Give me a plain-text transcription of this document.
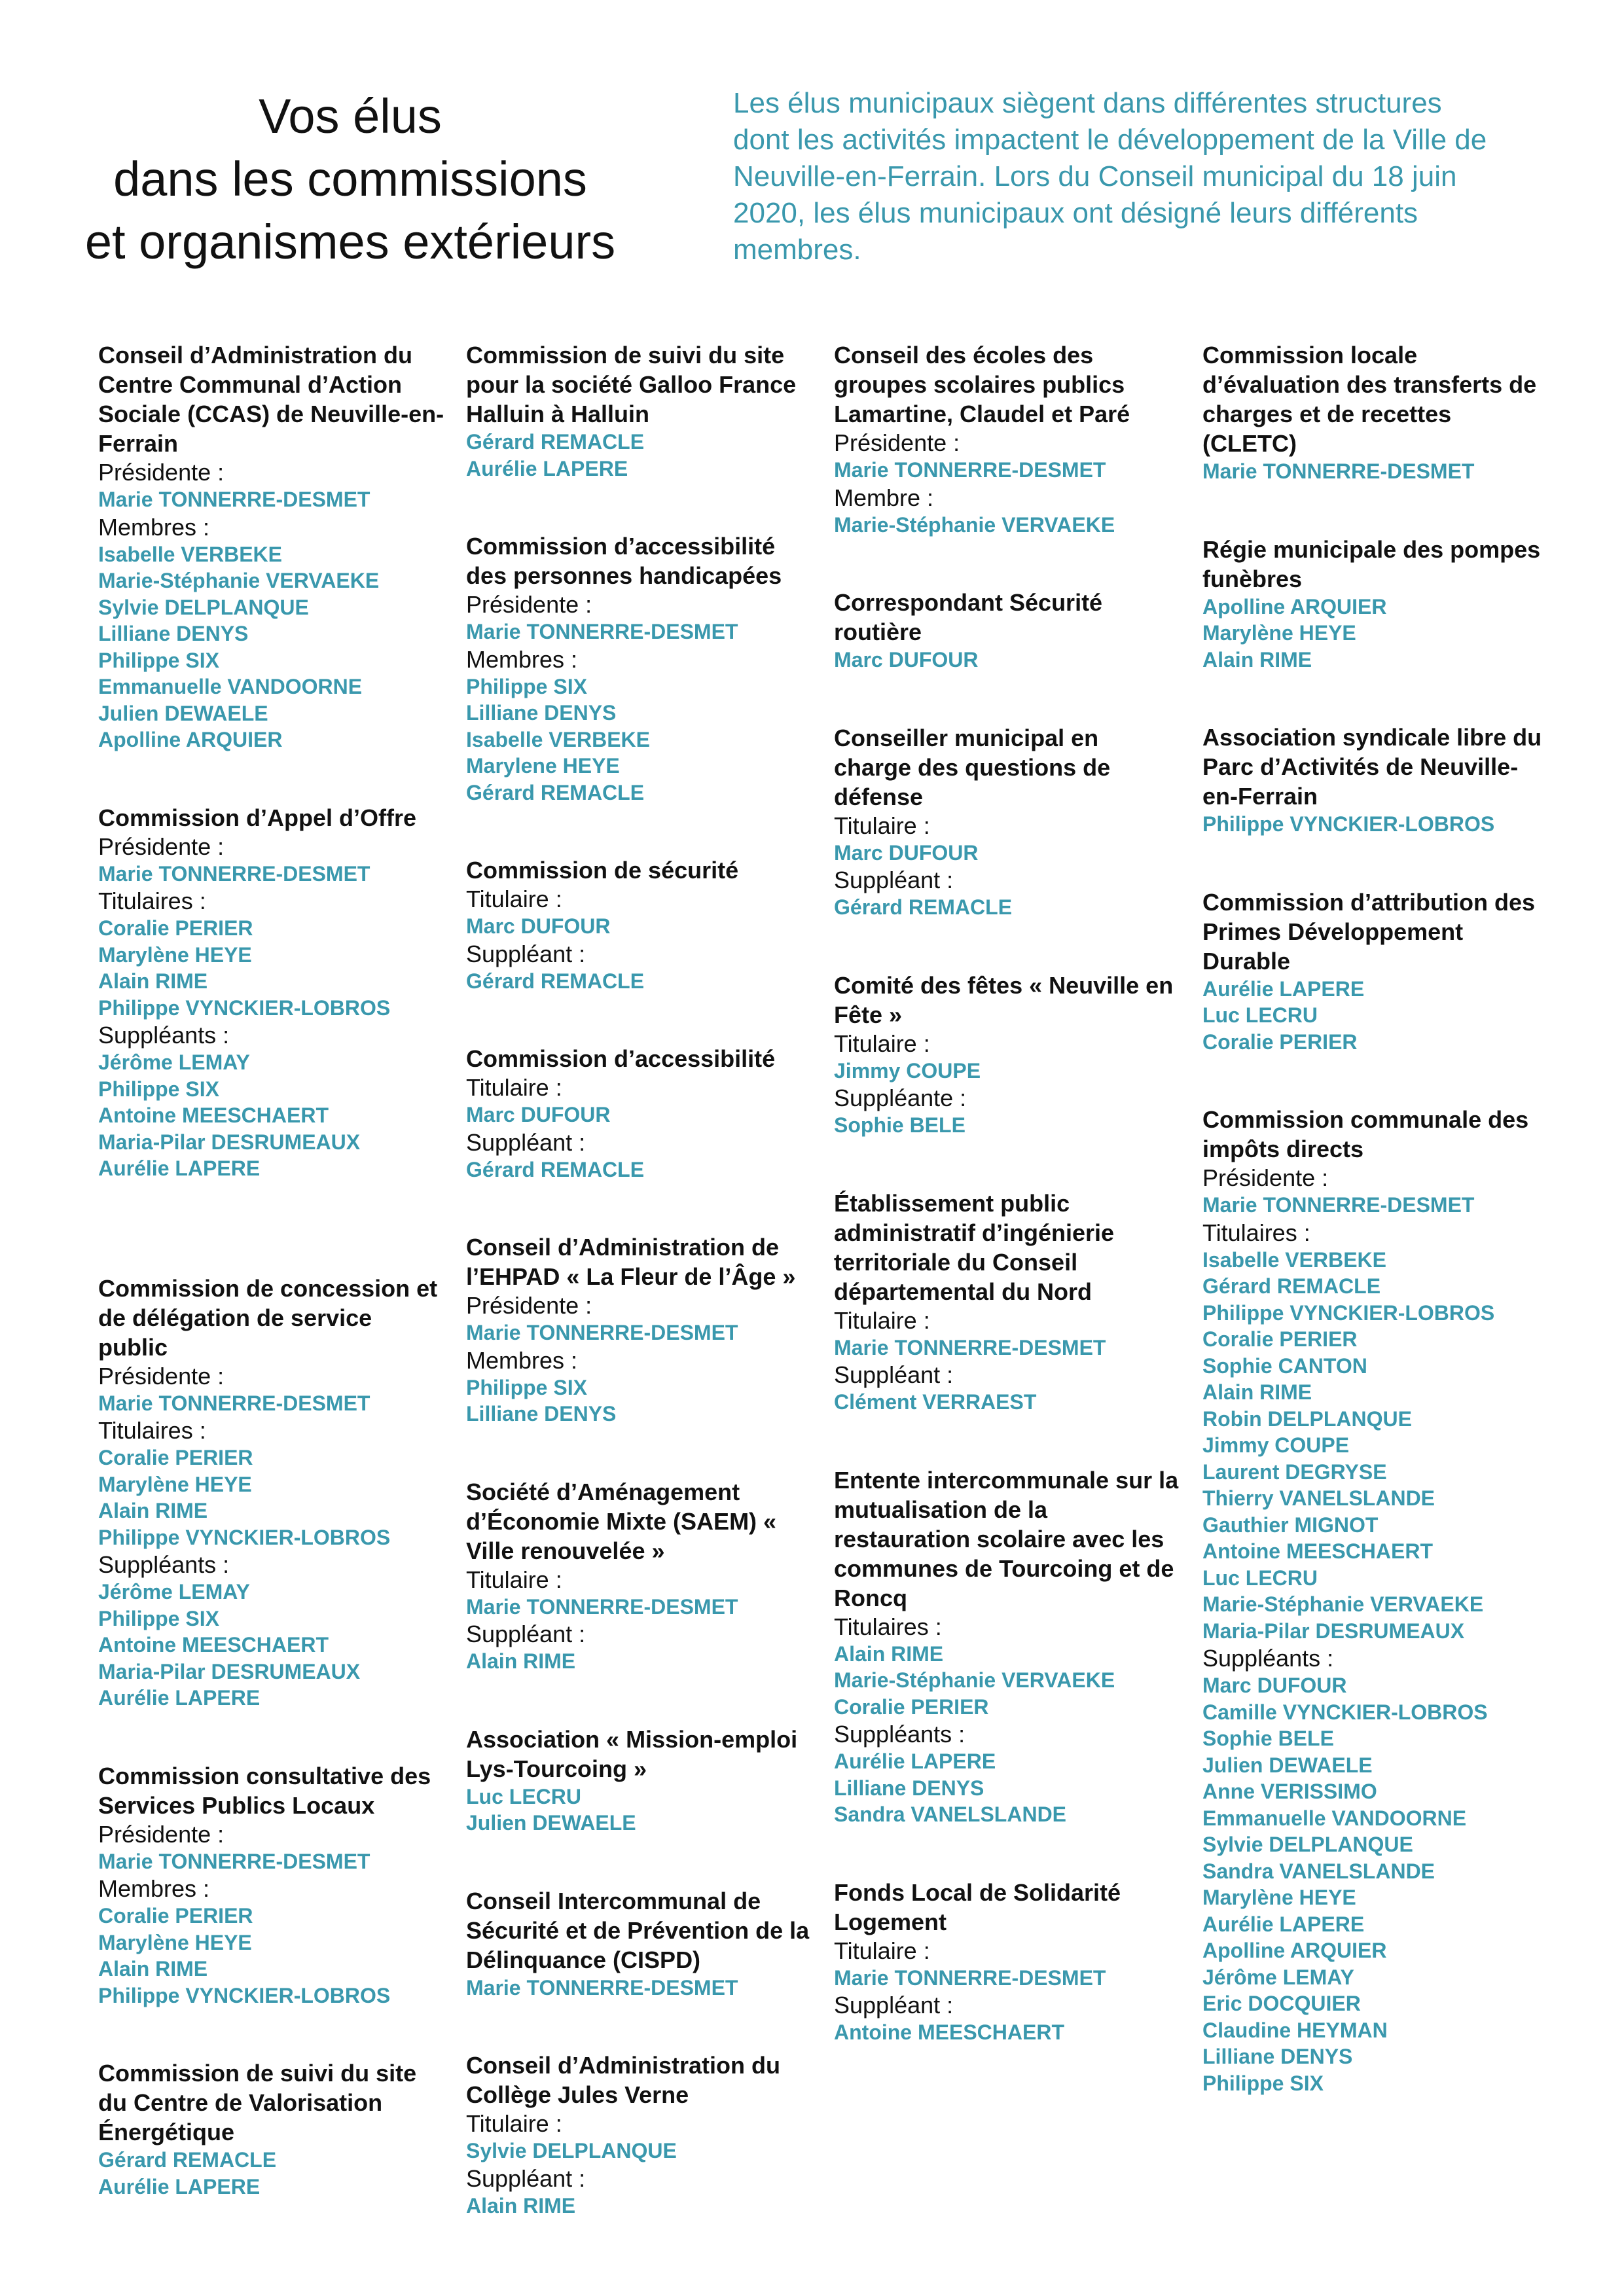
Vos élus
dans les commissions
et organismes extérieurs

Les élus municipaux siègent dans différentes structures dont les activités impactent le développement de la Ville de Neuville-en-Ferrain. Lors du Conseil municipal du 18 juin 2020, les élus municipaux ont désigné leurs différents membres.

Conseil d’Administration du Centre Communal d’Action Sociale (CCAS) de Neuville-en-Ferrain

Présidente :

Marie TONNERRE-DESMET

Membres :

Isabelle VERBEKE

Marie-Stéphanie VERVAEKE

Sylvie DELPLANQUE

Lilliane DENYS

Philippe SIX

Emmanuelle VANDOORNE

Julien DEWAELE

Apolline ARQUIER

Commission d’Appel d’Offre

Présidente :

Marie TONNERRE-DESMET

Titulaires :

Coralie PERIER

Marylène HEYE

Alain RIME

Philippe VYNCKIER-LOBROS

Suppléants :

Jérôme LEMAY

Philippe SIX

Antoine MEESCHAERT

Maria-Pilar DESRUMEAUX

Aurélie LAPERE

Commission de concession et de délégation de service public

Présidente :

Marie TONNERRE-DESMET

Titulaires :

Coralie PERIER

Marylène HEYE

Alain RIME

Philippe VYNCKIER-LOBROS

Suppléants :

Jérôme LEMAY

Philippe SIX

Antoine MEESCHAERT

Maria-Pilar DESRUMEAUX

Aurélie LAPERE

Commission consultative des Services Publics Locaux

Présidente :

Marie TONNERRE-DESMET

Membres :

Coralie PERIER

Marylène HEYE

Alain RIME

Philippe VYNCKIER-LOBROS

Commission de suivi du site du Centre de Valorisation Énergétique

Gérard REMACLE

Aurélie LAPERE

Commission de suivi du site pour la société Galloo France Halluin à Halluin

Gérard REMACLE

Aurélie LAPERE

Commission d’accessibilité des personnes handicapées

Présidente :

Marie TONNERRE-DESMET

Membres :

Philippe SIX

Lilliane DENYS

Isabelle VERBEKE

Marylene HEYE

Gérard REMACLE

Commission de sécurité

Titulaire :

Marc DUFOUR

Suppléant :

Gérard REMACLE

Commission d’accessibilité

Titulaire :

Marc DUFOUR

Suppléant :

Gérard REMACLE

Conseil d’Administration de l’EHPAD « La Fleur de l’Âge »

Présidente :

Marie TONNERRE-DESMET

Membres :

Philippe SIX

Lilliane DENYS

Société d’Aménagement d’Économie Mixte (SAEM) « Ville renouvelée »

Titulaire :

Marie TONNERRE-DESMET

Suppléant :

Alain RIME

Association « Mission-emploi Lys-Tourcoing »

Luc LECRU

Julien DEWAELE

Conseil Intercommunal de Sécurité et de Prévention de la Délinquance (CISPD)

Marie TONNERRE-DESMET

Conseil d’Administration du Collège Jules Verne

Titulaire :

Sylvie DELPLANQUE

Suppléant :

Alain RIME

Conseil des écoles des groupes scolaires publics Lamartine, Claudel et Paré

Présidente :

Marie TONNERRE-DESMET

Membre :

Marie-Stéphanie VERVAEKE

Correspondant Sécurité routière

Marc DUFOUR

Conseiller municipal en charge des questions de défense

Titulaire :

Marc DUFOUR

Suppléant :

Gérard REMACLE

Comité des fêtes « Neuville en Fête »

Titulaire :

Jimmy COUPE

Suppléante :

Sophie BELE

Établissement public administratif d’ingénierie territoriale du Conseil départemental du Nord

Titulaire :

Marie TONNERRE-DESMET

Suppléant :

Clément VERRAEST

Entente intercommunale sur la mutualisation de la restauration scolaire avec les communes de Tourcoing et de Roncq

Titulaires :

Alain RIME

Marie-Stéphanie VERVAEKE

Coralie PERIER

Suppléants :

Aurélie LAPERE

Lilliane DENYS

Sandra VANELSLANDE

Fonds Local de Solidarité Logement

Titulaire :

Marie TONNERRE-DESMET

Suppléant :

Antoine MEESCHAERT

Commission locale d’évaluation des transferts de charges et de recettes (CLETC)

Marie TONNERRE-DESMET

Régie municipale des pompes funèbres

Apolline ARQUIER

Marylène HEYE

Alain RIME

Association syndicale libre du Parc d’Activités de Neuville-en-Ferrain

Philippe VYNCKIER-LOBROS

Commission d’attribution des Primes Développement Durable

Aurélie LAPERE

Luc LECRU

Coralie PERIER

Commission communale des impôts directs

Présidente :

Marie TONNERRE-DESMET

Titulaires :

Isabelle VERBEKE

Gérard REMACLE

Philippe VYNCKIER-LOBROS

Coralie PERIER

Sophie CANTON

Alain RIME

Robin DELPLANQUE

Jimmy COUPE

Laurent DEGRYSE

Thierry VANELSLANDE

Gauthier MIGNOT

Antoine MEESCHAERT

Luc LECRU

Marie-Stéphanie VERVAEKE

Maria-Pilar DESRUMEAUX

Suppléants :

Marc DUFOUR

Camille VYNCKIER-LOBROS

Sophie BELE

Julien DEWAELE

Anne VERISSIMO

Emmanuelle VANDOORNE

Sylvie DELPLANQUE

Sandra VANELSLANDE

Marylène HEYE

Aurélie LAPERE

Apolline ARQUIER

Jérôme LEMAY

Eric DOCQUIER

Claudine HEYMAN

Lilliane DENYS

Philippe SIX
